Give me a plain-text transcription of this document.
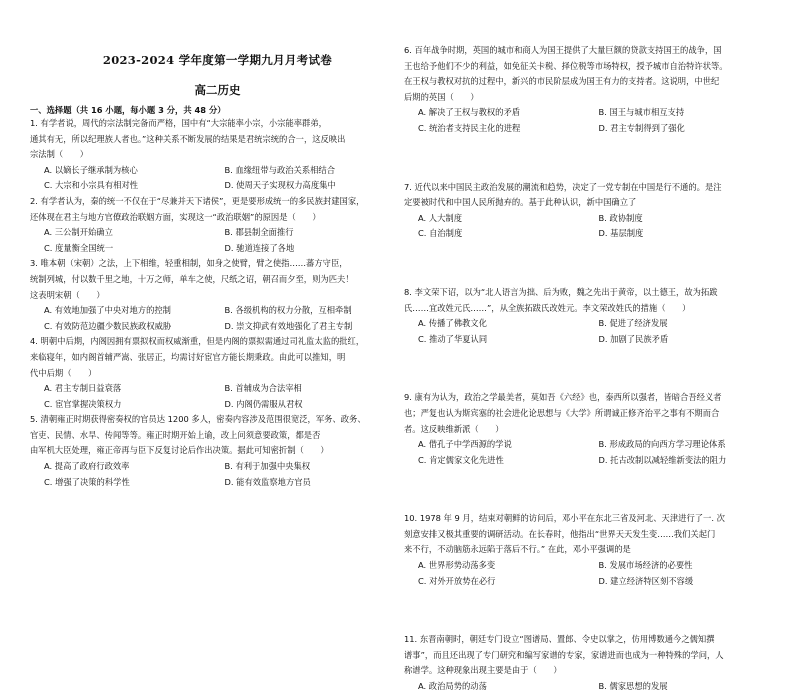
2023-2024 学年度第一学期九月月考试卷
高二历史
一、选择题（共 16 小题，每小题 3 分，共 48 分）

1. 有学者说，周代的宗法制完备而严格，国中有“大宗能率小宗，小宗能率群弟，

通其有无，所以纪理族人者也。”这种关系不断发展的结果是君统宗统的合一，这反映出

宗法制（　　）

A. 以嫡长子继承制为核心	B. 血缘纽带与政治关系相结合
C. 大宗和小宗具有相对性	D. 使周天子实现权力高度集中

2. 有学者认为，秦的统一不仅在于“尽兼并天下诸侯”，更是要形成统一的多民族封建国家，

还体现在君主与地方官僚政治联姻方面，实现这一“政治联姻”的原因是（　　）

A. 三公制开始确立	B. 郡县制全面推行
C. 度量衡全国统一	D. 驰道连接了各地

3. 唯本朝（宋朝）之法，上下相维，轻重相制，如身之使臂，臂之使指……蕃方守臣，

统制列城，付以数千里之地，十万之师，单车之使，尺纸之诏，朝召而夕至，则为匹夫！

这表明宋朝（　　）

A. 有效地加强了中央对地方的控制	B. 各级机构的权力分散，互相牵制
C. 有效防范边疆少数民族政权威胁	D. 崇文抑武有效地强化了君主专制

4. 明朝中后期，内阁因拥有票拟权而权威渐重，但是内阁的票拟需通过司礼监太监的批红，

来临寝年，如内阁首辅严嵩、张居正，均需讨好宦官方能长期秉政。由此可以推知，明

代中后期（　　）

A. 君主专制日益衰落	B. 首辅成为合法宰相
C. 宦官掌握决策权力	D. 内阁仍需服从君权

5. 清朝雍正时期获得密奏权的官员达 1200 多人，密奏内容涉及范围很宽泛，军务、政务、

官吏、民情、水旱、传闻等等。雍正时期开始上谕，改上问须意要政策，都是否

由军机大臣处理，雍正帝再与臣下反复讨论后作出决策。据此可知密折制（　　）

A. 提高了政府行政效率	B. 有利于加强中央集权
C. 增强了决策的科学性	D. 能有效监察地方官员

6. 百年战争时期，英国的城市和商人为国王提供了大量巨额的贷款支持国王的战争，国

王也给予他们不少的利益，如免征关卡税、择位税等市场特权，授予城市自治特许状等。

在王权与教权对抗的过程中，新兴的市民阶层成为国王有力的支持者。这说明，中世纪

后期的英国（　　）

A. 解决了王权与教权的矛盾	B. 国王与城市相互支持
C. 统治者支持民主化的进程	D. 君主专制得到了强化

7. 近代以来中国民主政治发展的潮流和趋势，决定了一党专制在中国是行不通的。是注

定要被时代和中国人民所抛弃的。基于此种认识，新中国确立了

A. 人大制度	B. 政协制度
C. 自治制度	D. 基层制度

8. 李文荣下诏，以为“北人语言为拙、后为败，魏之先出于黄帝，以土德王，故为拓跋

氏……宜改姓元氏……”，从全族拓跋氏改姓元。李文荣改姓氏的措施（　　）

A. 传播了佛教文化	B. 促进了经济发展
C. 推动了华夏认同	D. 加剧了民族矛盾

9. 康有为认为，政治之学最美者，莫如吾《六经》也，泰西所以强者，皆暗合吾经义者

也；严复也认为斯宾塞的社会进化论思想与《大学》所谓诚正修齐治平之事有不期而合

者。这反映维新派（　　）

A. 借孔子中学西源的学说	B. 形成政局的向西方学习理论体系
C. 肯定儒家文化先进性	D. 托古改制以减轻维新变法的阻力

10. 1978 年 9 月，结束对朝鲜的访问后，邓小平在东北三省及河北、天津进行了一. 次

刻意安排又极其重要的调研活动。在长春时，他指出“世界天天发生变……我们关起门

来不行，不动脑筋永远陷于落后不行。” 在此，邓小平强调的是

A. 世界形势动荡多变	B. 发展市场经济的必要性
C. 对外开放势在必行	D. 建立经济特区刻不容缓

11. 东晋南朝时，朝廷专门设立“图谱局、置郎、令史以掌之，仿用博数通今之儒知撰

谱事”，而且还出现了专门研究和编写家谱的专家，家谱进而也成为一种特殊的学问，人

称谱学。这种现象出现主要是由于（　　）

A. 政治局势的动荡	B. 儒家思想的发展
